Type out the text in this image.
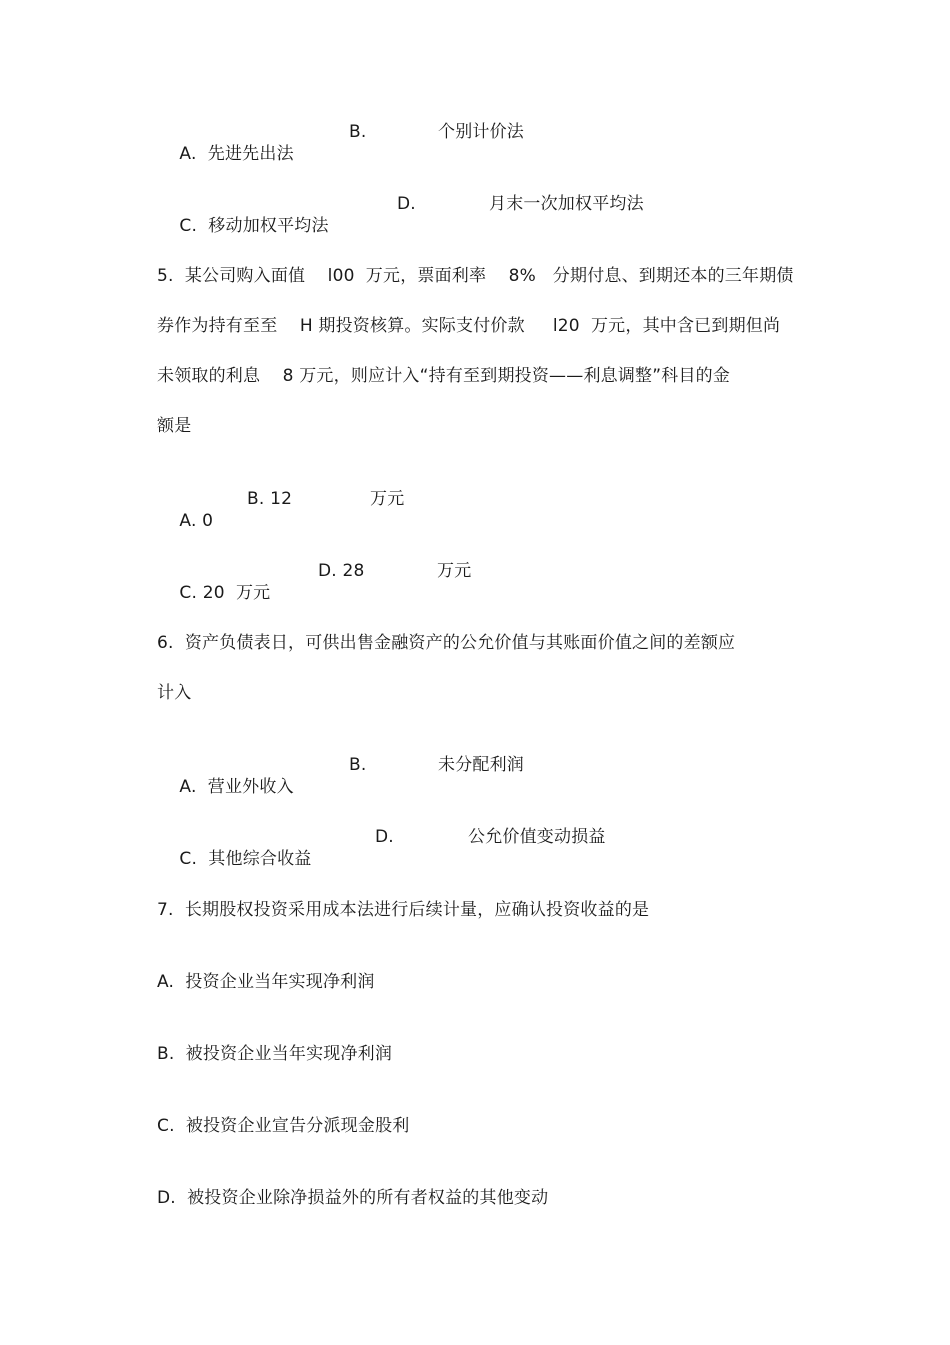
A.  先进先出法

B.

	个别计价法

C.  移动加权平均法

D.

	月末一次加权平均法

5.  某公司购入面值    l00  万元，票面利率    8%   分期付息、到期还本的三年期债
券作为持有至至    H 期投资核算。实际支付价款     l20  万元，其中含已到期但尚
未领取的利息    8 万元，则应计入“持有至到期投资——利息调整”科目的金
额是

A. 0

B. 12

	万元

C. 20  万元

D. 28

	万元

6.  资产负债表日，可供出售金融资产的公允价值与其账面价值之间的差额应
计入

A.  营业外收入

B.

	未分配利润

C.  其他综合收益

D.

	公允价值变动损益

7.  长期股权投资采用成本法进行后续计量，应确认投资收益的是
A.  投资企业当年实现净利润
B.  被投资企业当年实现净利润
C.  被投资企业宣告分派现金股利
D.  被投资企业除净损益外的所有者权益的其他变动
